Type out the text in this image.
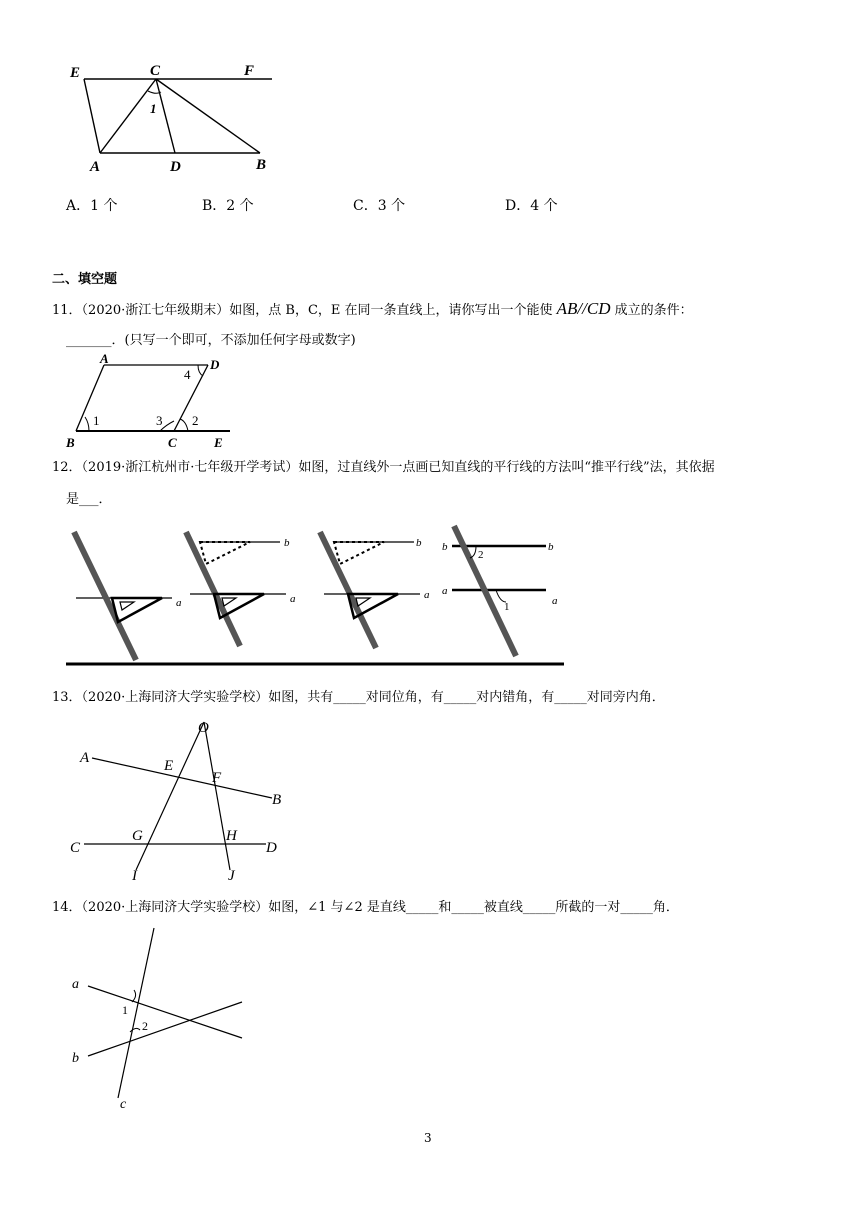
E	C	F
1
A	D	B
A．1 个	B．2 个	C．3 个	D．4 个
二、填空题
11．（2020·浙江七年级期末）如图，点 B，C，E 在同一条直线上，请你写出一个能使 AB//CD 成立的条件：
_______．(只写一个即可，不添加任何字母或数字)
A	D
4
1	3 2
B	C	E
12．（2019·浙江杭州市·七年级开学考试）如图，过直线外一点画已知直线的平行线的方法叫“推平行线”法，其依据
是___．
a
b
a
b
a
b
a
b
a
2
1
13．（2020·上海同济大学实验学校）如图，共有_____对同位角，有_____对内错角，有_____对同旁内角．
O
A	E
F
B
C
G	H
D
I	J
14．（2020·上海同济大学实验学校）如图，∠1 与∠2 是直线_____和_____被直线_____所截的一对_____角．
a
b
c
1
2
3
